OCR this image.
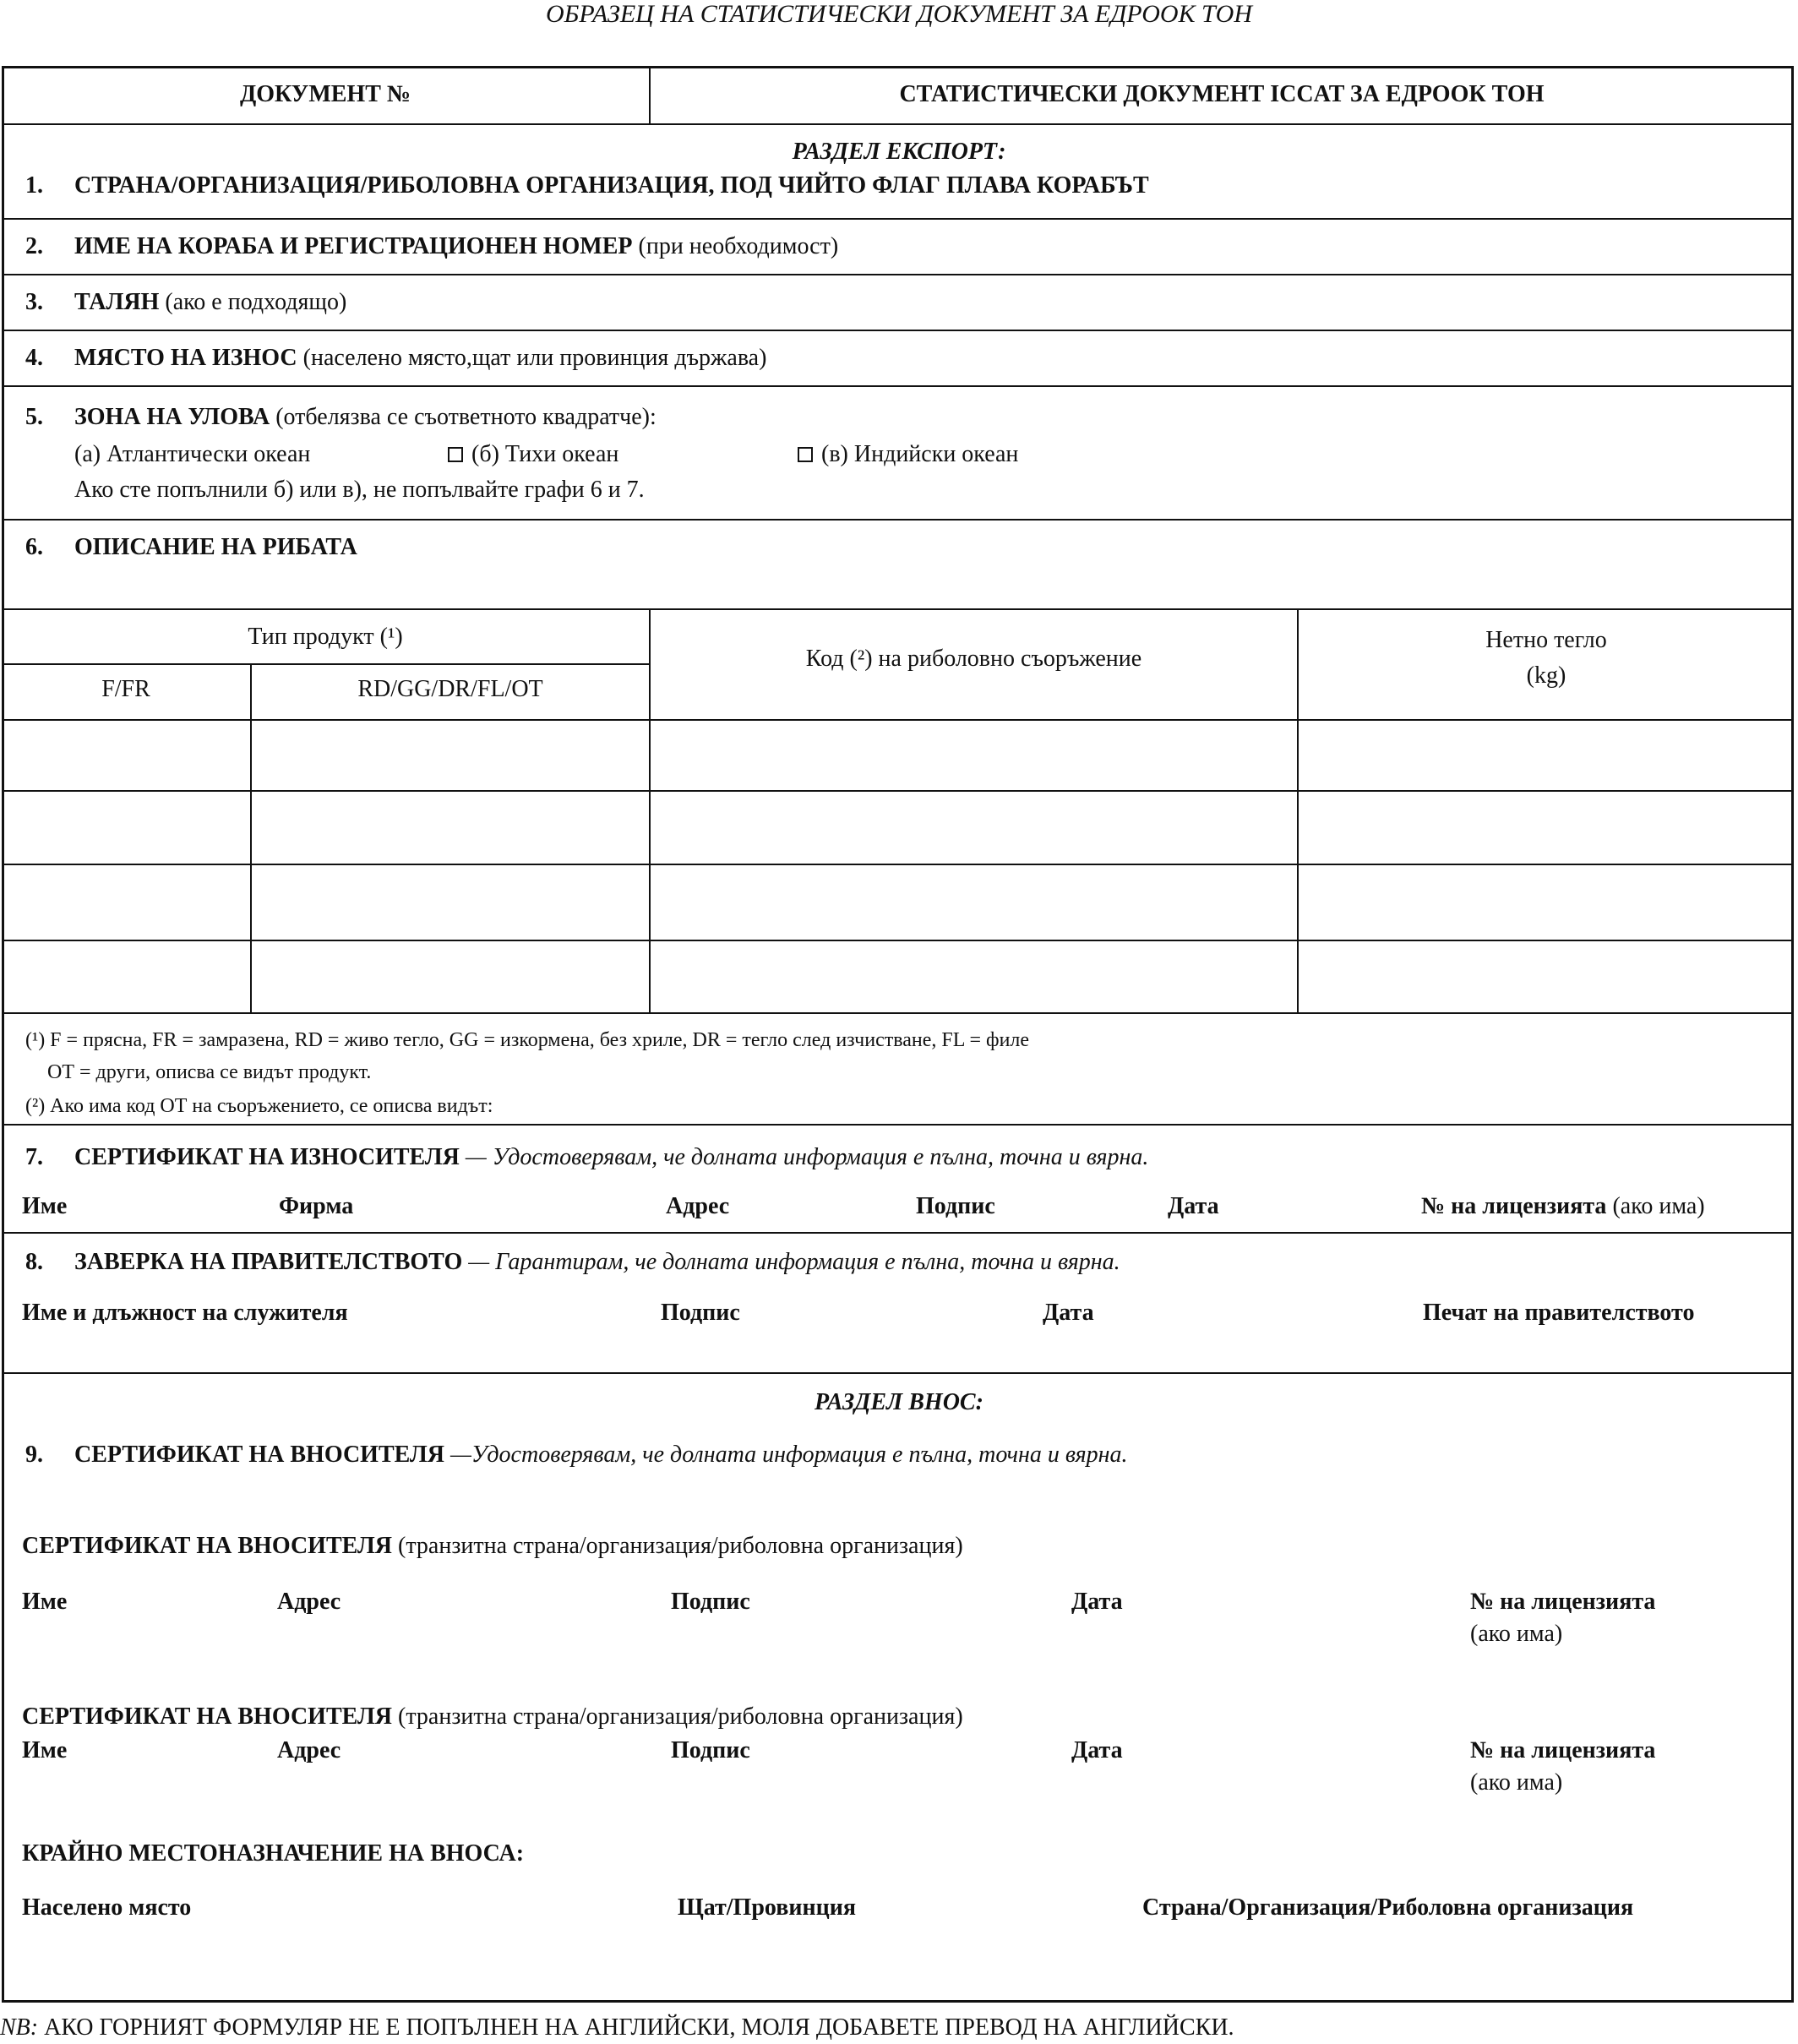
ОБРАЗЕЦ НА СТАТИСТИЧЕСКИ ДОКУМЕНТ ЗА ЕДРООК ТОН
ДОКУМЕНТ №	СТАТИСТИЧЕСКИ ДОКУМЕНТ ICCAT ЗА ЕДРООК ТОН
РАЗДЕЛ ЕКСПОРТ:
1. СТРАНА/ОРГАНИЗАЦИЯ/РИБОЛОВНА ОРГАНИЗАЦИЯ, ПОД ЧИЙТО ФЛАГ ПЛАВА КОРАБЪТ
2. ИМЕ НА КОРАБА И РЕГИСТРАЦИОНЕН НОМЕР (при необходимост)
3. ТАЛЯН (ако е подходящо)
4. МЯСТО НА ИЗНОС (населено място,щат или провинция държава)
5. ЗОНА НА УЛОВА (отбелязва се съответното квадратче):
(а) Атлантически океан	(б) Тихи океан	(в) Индийски океан
Ако сте попълнили б) или в), не попълвайте графи 6 и 7.
6. ОПИСАНИЕ НА РИБАТА
Тип продукт (¹)
F/FR	RD/GG/DR/FL/OT
Код (²) на риболовно съоръжение
Нетно тегло
(kg)
(¹) F = прясна, FR = замразена, RD = живо тегло, GG = изкормена, без хриле, DR = тегло след изчистване, FL = филе
ОТ = други, описва се видът продукт.
(²) Ако има код ОТ на съоръжението, се описва видът:
7. СЕРТИФИКАТ НА ИЗНОСИТЕЛЯ — Удостоверявам, че долната информация е пълна, точна и вярна.
Име	Фирма	Адрес	Подпис	Дата	№ на лицензията (ако има)
8. ЗАВЕРКА НА ПРАВИТЕЛСТВОТО — Гарантирам, че долната информация е пълна, точна и вярна.
Име и длъжност на служителя	Подпис	Дата	Печат на правителството
РАЗДЕЛ ВНОС:
9. СЕРТИФИКАТ НА ВНОСИТЕЛЯ —Удостоверявам, че долната информация е пълна, точна и вярна.
СЕРТИФИКАТ НА ВНОСИТЕЛЯ (транзитна страна/организация/риболовна организация)
Име	Адрес	Подпис	Дата	№ на лицензията
(ако има)
СЕРТИФИКАТ НА ВНОСИТЕЛЯ (транзитна страна/организация/риболовна организация)
Име	Адрес	Подпис	Дата	№ на лицензията
(ако има)
КРАЙНО МЕСТОНАЗНАЧЕНИЕ НА ВНОСА:
Населено място	Щат/Провинция	Страна/Организация/Риболовна организация
NB: АКО ГОРНИЯТ ФОРМУЛЯР НЕ Е ПОПЪЛНЕН НА АНГЛИЙСКИ, МОЛЯ ДОБАВЕТЕ ПРЕВОД НА АНГЛИЙСКИ.
